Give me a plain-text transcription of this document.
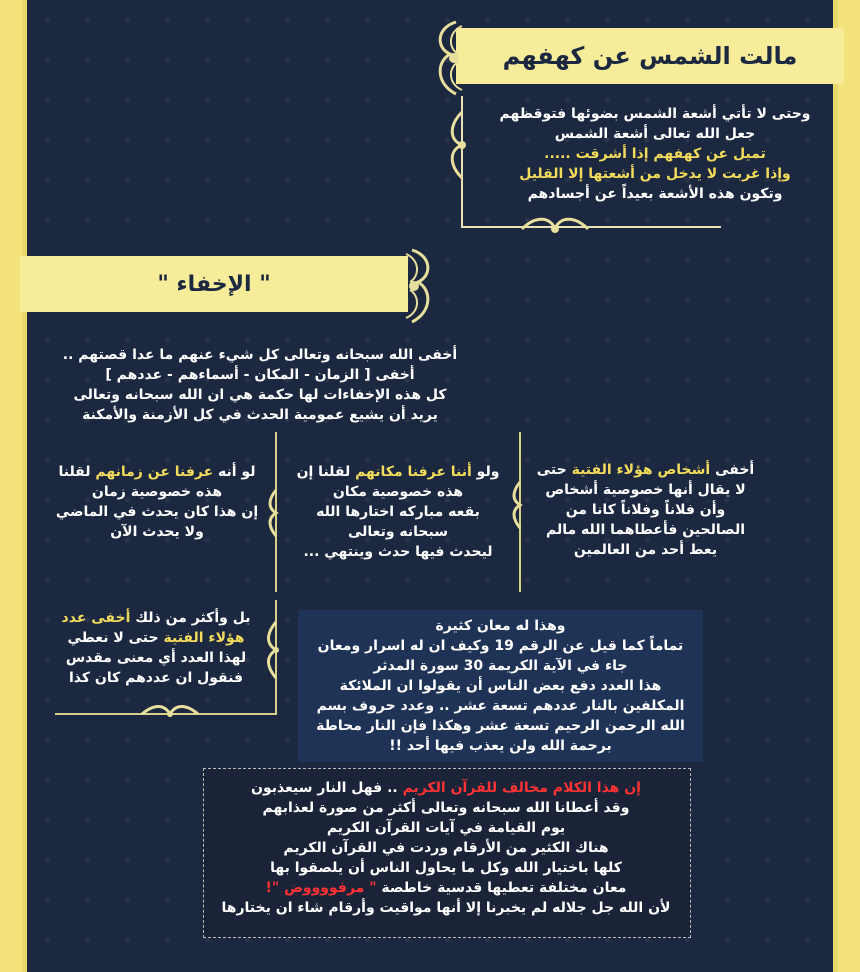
مالت الشمس عن كهفهم
وحتى لا تأتي أشعة الشمس بضوئها فتوقظهم
جعل الله تعالى أشعة الشمس
تميل عن كهفهم إذا أشرقت .....
وإذا غربت لا يدخل من أشعتها إلا القليل
وتكون هذه الأشعة بعيداً عن أجسادهم
" الإخفاء "
أخفى الله سبحانه وتعالى كل شيء عنهم ما عدا قصتهم ..
أخفى [ الزمان - المكان - أسماءهم - عددهم ]
كل هذه الإخفاءات لها حكمة هي ان الله سبحانه وتعالى
يريد أن يشيع عمومية الحدث في كل الأزمنة والأمكنة
أخفى أشخاص هؤلاء الفتية حتى
لا يقال أنها خصوصية أشخاص
وأن فلاناً وفلاناً كانا من
الصالحين فأعطاهما الله مالم
يعط أحد من العالمين
ولو أننا عرفنا مكانهم لقلنا إن
هذه خصوصية مكان
بقعه مباركه اختارها الله
سبحانه وتعالى
ليحدث فيها حدث وينتهي ...
لو أنه عرفنا عن زمانهم لقلنا
هذه خصوصية زمان
إن هذا كان يحدث في الماضي
ولا يحدث الآن
بل وأكثر من ذلك أخفى عدد
هؤلاء الفتية حتى لا نعطي
لهذا العدد أي معنى مقدس
فنقول ان عددهم كان كذا
وهذا له معان كثيرة
تماماً كما قيل عن الرقم 19 وكيف ان له اسرار ومعان
جاء في الآية الكريمة 30 سورة المدثر
هذا العدد دفع بعض الناس أن يقولوا ان الملائكة
المكلفين بالنار عددهم تسعة عشر .. وعدد حروف بسم
الله الرحمن الرحيم تسعة عشر وهكذا فإن النار محاطة
برحمة الله ولن يعذب فيها أحد !!
إن هذا الكلام مخالف للقرآن الكريم .. فهل النار سيعذبون
وقد أعطانا الله سبحانه وتعالى أكثر من صورة لعذابهم
يوم القيامة في آيات القرآن الكريم
هناك الكثير من الأرقام وردت في القرآن الكريم
كلها باختيار الله وكل ما يحاول الناس أن يلصقوا بها
معان مختلفة تعطيها قدسية خاطصة " مرفووووض "!
لأن الله جل جلاله لم يخبرنا إلا أنها مواقيت وأرقام شاء ان يختارها
